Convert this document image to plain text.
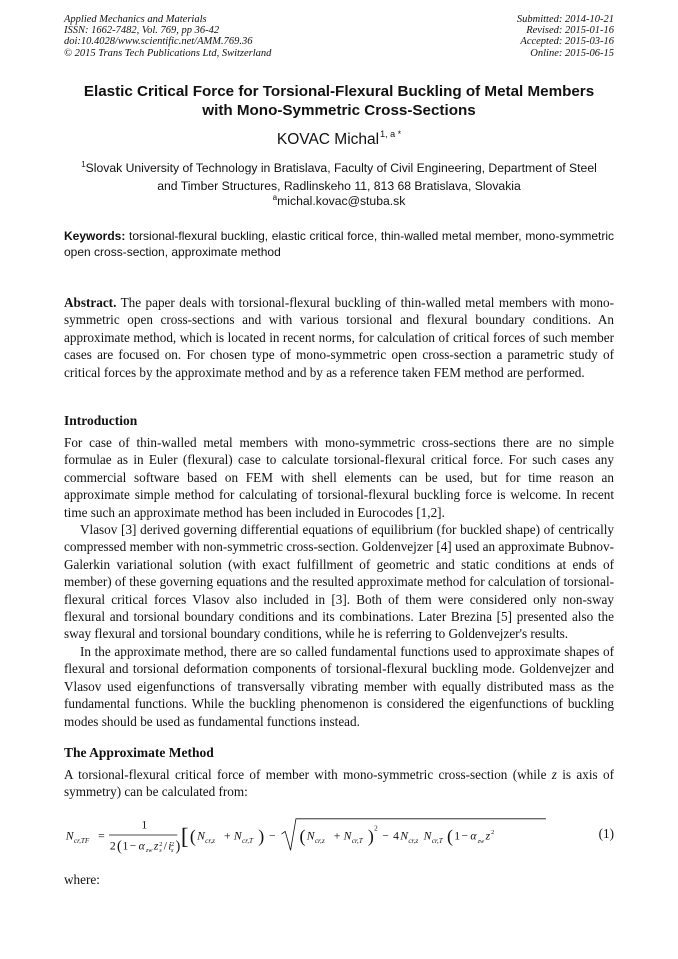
Applied Mechanics and Materials
ISSN: 1662-7482, Vol. 769, pp 36-42
doi:10.4028/www.scientific.net/AMM.769.36
© 2015 Trans Tech Publications Ltd, Switzerland
Submitted: 2014-10-21
Revised: 2015-01-16
Accepted: 2015-03-16
Online: 2015-06-15
Elastic Critical Force for Torsional-Flexural Buckling of Metal Members
with Mono-Symmetric Cross-Sections
KOVAC Michal$^{1, a *}$
$^1$Slovak University of Technology in Bratislava, Faculty of Civil Engineering, Department of Steel
and Timber Structures, Radlinskeho 11, 813 68 Bratislava, Slovakia
$^a$michal.kovac@stuba.sk
Keywords: torsional-flexural buckling, elastic critical force, thin-walled metal member, mono-symmetric open cross-section, approximate method
Abstract. The paper deals with torsional-flexural buckling of thin-walled metal members with mono-symmetric open cross-sections and with various torsional and flexural boundary conditions. An approximate method, which is located in recent norms, for calculation of critical forces of such member cases are focused on. For chosen type of mono-symmetric open cross-section a parametric study of critical forces by the approximate method and by as a reference taken FEM method are performed.
Introduction

For case of thin-walled metal members with mono-symmetric cross-sections there are no simple formulae as in Euler (flexural) case to calculate torsional-flexural critical force. For such cases any commercial software based on FEM with shell elements can be used, but for time reason an approximate simple method for calculating of torsional-flexural buckling force is welcome. In recent time such an approximate method has been included in Eurocodes [1,2].

Vlasov [3] derived governing differential equations of equilibrium (for buckled shape) of centrically compressed member with non-symmetric cross-section. Goldenvejzer [4] used an approximate Bubnov-Galerkin variational solution (with exact fulfillment of geometric and static conditions at ends of member) of these governing equations and the resulted approximate method for calculation of torsional-flexural critical forces Vlasov also included in [3]. Both of them were considered only non-sway flexural and torsional boundary conditions and its combinations. Later Brezina [5] presented also the sway flexural and torsional boundary conditions, while he is referring to Goldenvejzer's results.

In the approximate method, there are so called fundamental functions used to approximate shapes of flexural and torsional deformation components of torsional-flexural buckling mode. Goldenvejzer and Vlasov used eigenfunctions of transversally vibrating member with equally distributed mass as the fundamental functions. While the buckling phenomenon is considered the eigenfunctions of buckling modes should be used as fundamental functions instead.

The Approximate Method
A torsional-flexural critical force of member with mono-symmetric cross-section (while z is axis of symmetry) can be calculated from:
N cr,TF =
1
2 ( 1 − α zw z 2
s / i 2
s ) [ ( N cr,z + N cr,T ) − ( N cr,z + N cr,T ) 2
− 4 N cr,z N cr,T ( 1 − α zw z 2	(1)
where:
